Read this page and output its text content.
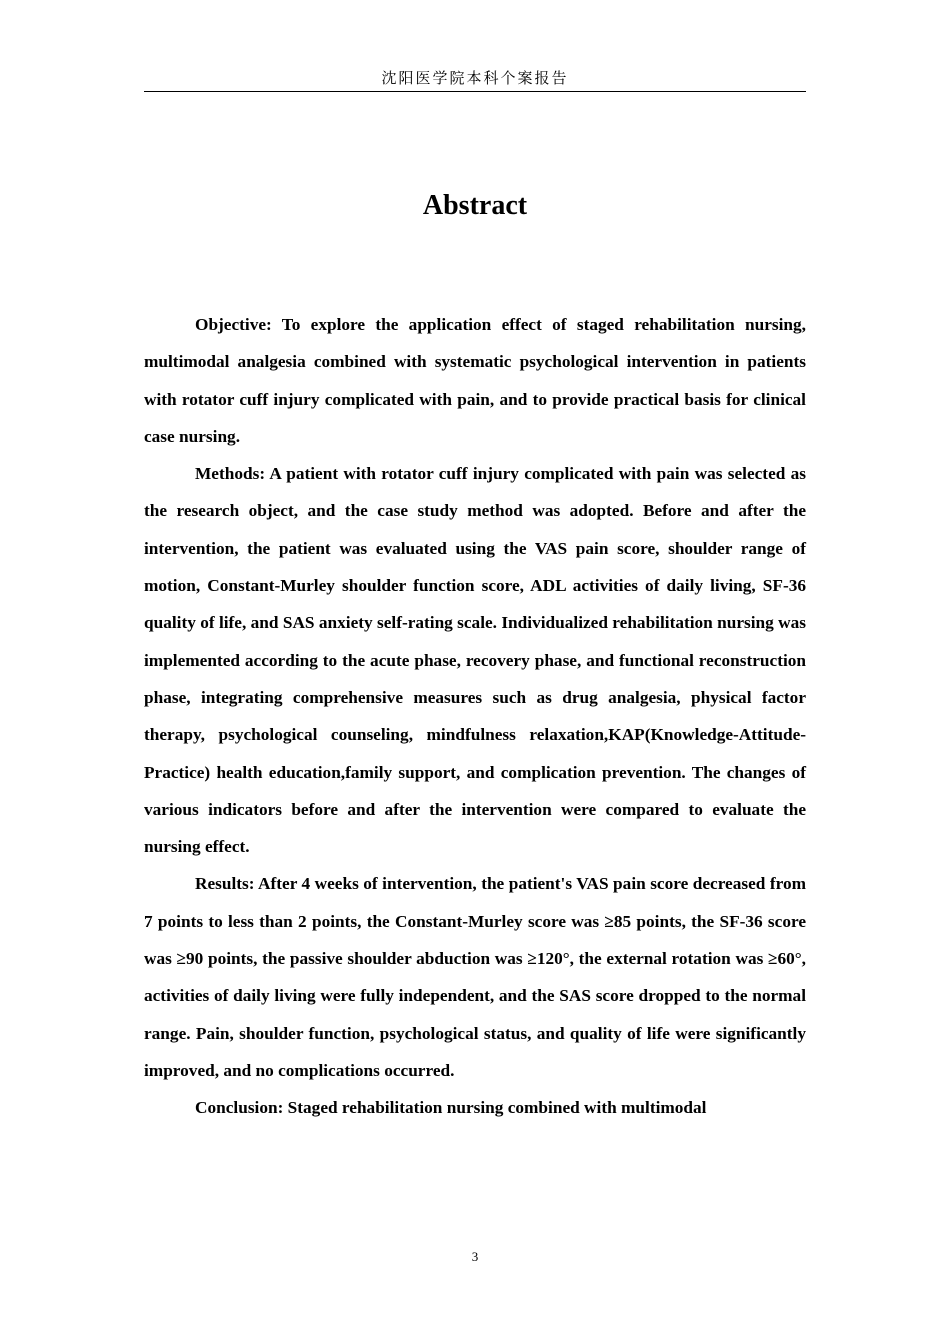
沈阳医学院本科个案报告
Abstract

Objective: To explore the application effect of staged rehabilitation nursing, multimodal analgesia combined with systematic psychological intervention in patients with rotator cuff injury complicated with pain, and to provide practical basis for clinical case nursing.

Methods: A patient with rotator cuff injury complicated with pain was selected as the research object, and the case study method was adopted. Before and after the intervention, the patient was evaluated using the VAS pain score, shoulder range of motion, Constant-Murley shoulder function score, ADL activities of daily living, SF-36 quality of life, and SAS anxiety self-rating scale. Individualized rehabilitation nursing was implemented according to the acute phase, recovery phase, and functional reconstruction phase, integrating comprehensive measures such as drug analgesia, physical factor therapy, psychological counseling, mindfulness relaxation,KAP(Knowledge-Attitude-Practice) health education,family support, and complication prevention. The changes of various indicators before and after the intervention were compared to evaluate the nursing effect.

Results: After 4 weeks of intervention, the patient's VAS pain score decreased from 7 points to less than 2 points, the Constant-Murley score was ≥85 points, the SF-36 score was ≥90 points, the passive shoulder abduction was ≥120°, the external rotation was ≥60°, activities of daily living were fully independent, and the SAS score dropped to the normal range. Pain, shoulder function, psychological status, and quality of life were significantly improved, and no complications occurred.

Conclusion: Staged rehabilitation nursing combined with multimodal

3
